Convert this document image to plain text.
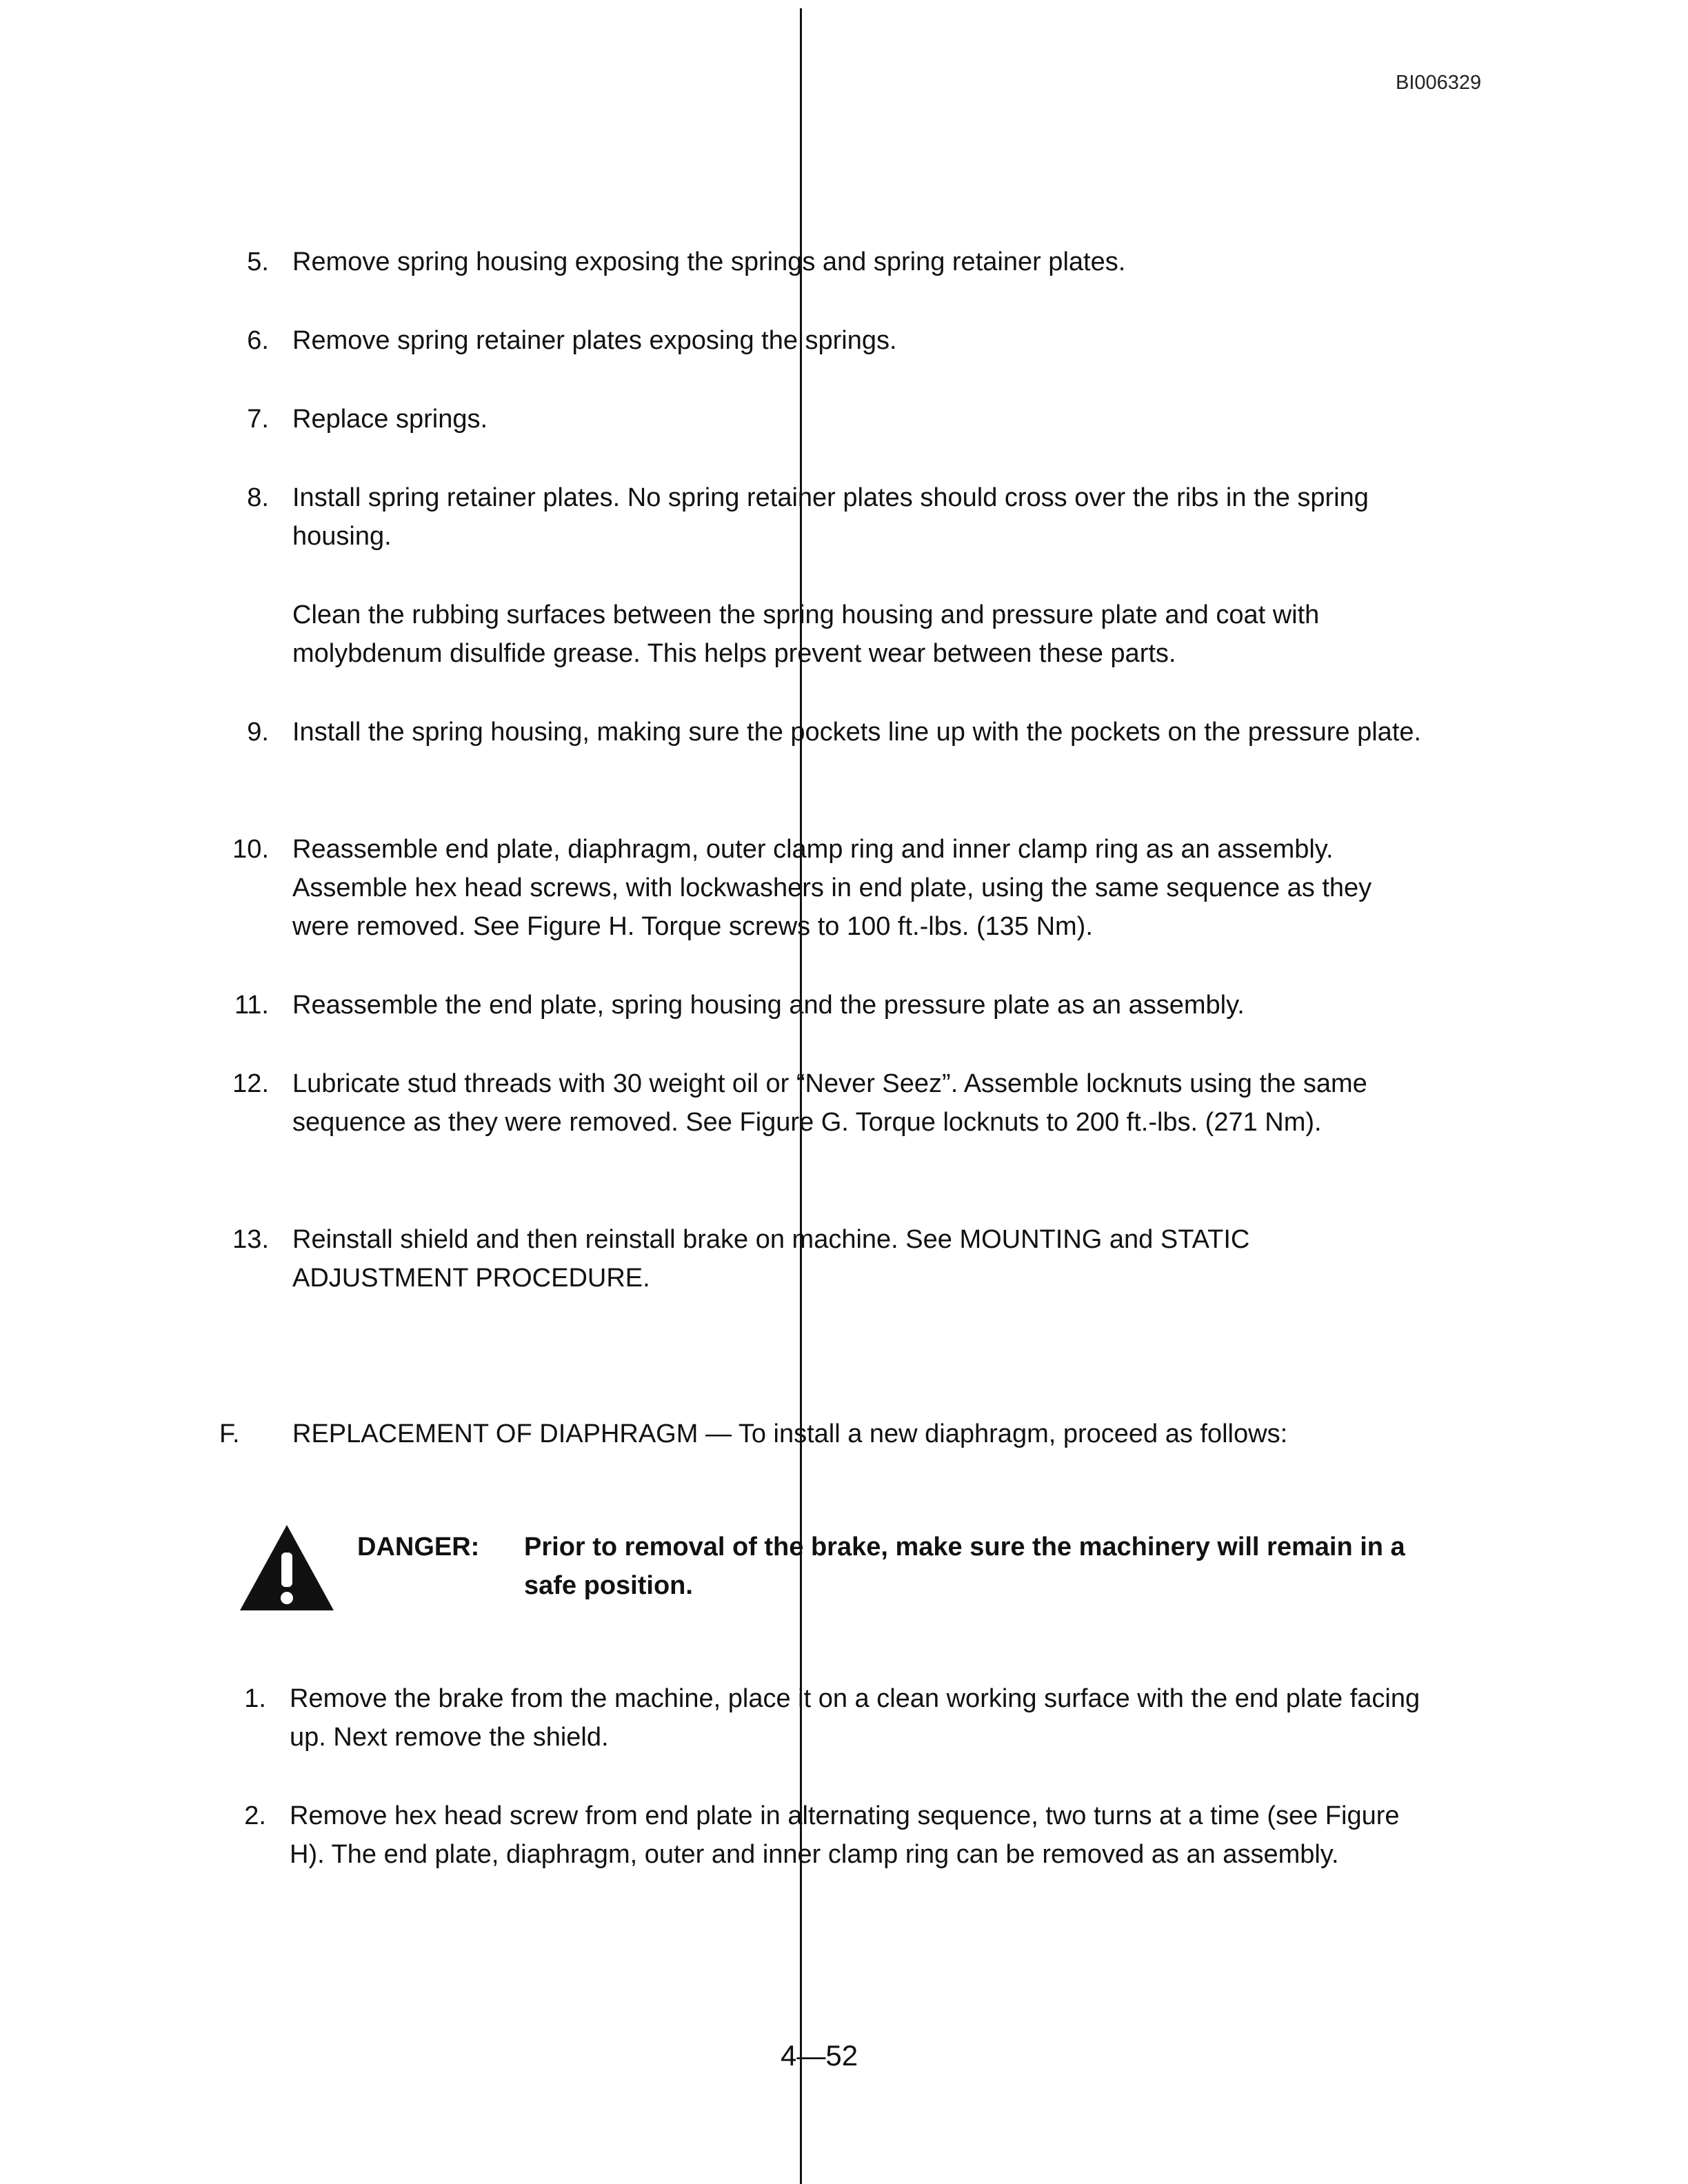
BI006329
5. Remove spring housing exposing the springs and spring retainer plates.
6. Remove spring retainer plates exposing the springs.
7. Replace springs.
8. Install spring retainer plates. No spring retainer plates should cross over the ribs in the spring housing.
Clean the rubbing surfaces between the spring housing and pressure plate and coat with molybdenum disulfide grease. This helps prevent wear between these parts.
9. Install the spring housing, making sure the pockets line up with the pockets on the pressure plate.
10. Reassemble end plate, diaphragm, outer clamp ring and inner clamp ring as an assembly. Assemble hex head screws, with lockwashers in end plate, using the same sequence as they were removed. See Figure H. Torque screws to 100 ft.-lbs. (135 Nm).
11. Reassemble the end plate, spring housing and the pressure plate as an assembly.
12. Lubricate stud threads with 30 weight oil or “Never Seez”. Assemble locknuts using the same sequence as they were removed. See Figure G. Torque locknuts to 200 ft.-lbs. (271 Nm).
13. Reinstall shield and then reinstall brake on machine. See MOUNTING and STATIC ADJUSTMENT PROCEDURE.
F.	REPLACEMENT OF DIAPHRAGM — To install a new diaphragm, proceed as follows:
DANGER: Prior to removal of the brake, make sure the machinery will remain in a safe position.
1. Remove the brake from the machine, place it on a clean working surface with the end plate facing up. Next remove the shield.
2. Remove hex head screw from end plate in alternating sequence, two turns at a time (see Figure H). The end plate, diaphragm, outer and inner clamp ring can be removed as an assembly.
4—52
